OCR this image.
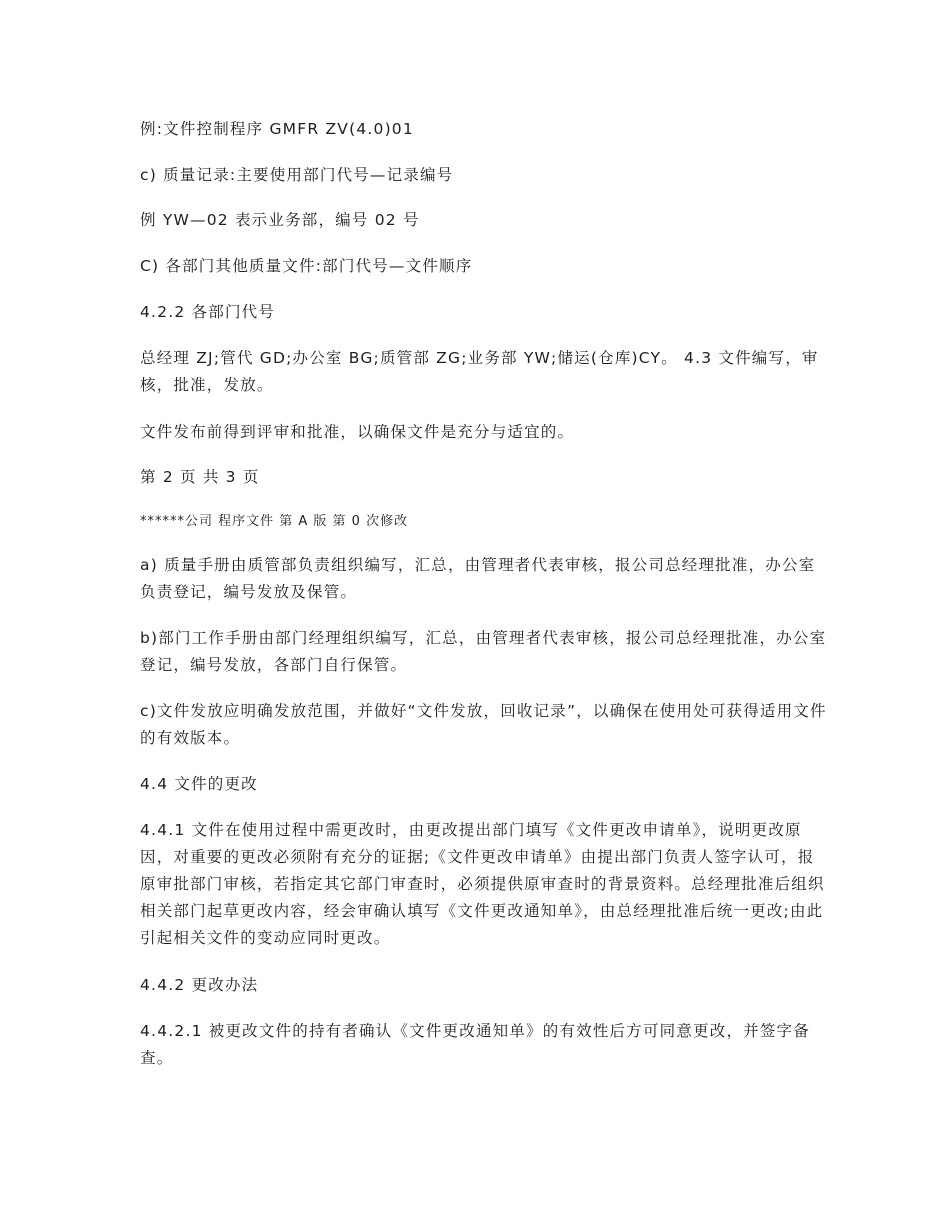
例:文件控制程序 GMFR ZV(4.0)01

c) 质量记录:主要使用部门代号—记录编号

例 YW—02 表示业务部，编号 02 号

C) 各部门其他质量文件:部门代号—文件顺序

4.2.2 各部门代号

总经理 ZJ;管代 GD;办公室 BG;质管部 ZG;业务部 YW;储运(仓库)CY。 4.3 文件编写，审核，批准，发放。

文件发布前得到评审和批准，以确保文件是充分与适宜的。

第 2 页 共 3 页

******公司 程序文件 第 A 版 第 0 次修改

a) 质量手册由质管部负责组织编写，汇总，由管理者代表审核，报公司总经理批准，办公室负责登记，编号发放及保管。

b)部门工作手册由部门经理组织编写，汇总，由管理者代表审核，报公司总经理批准，办公室登记，编号发放，各部门自行保管。

c)文件发放应明确发放范围，并做好“文件发放，回收记录”，以确保在使用处可获得适用文件的有效版本。

4.4 文件的更改

4.4.1 文件在使用过程中需更改时，由更改提出部门填写《文件更改申请单》，说明更改原因，对重要的更改必须附有充分的证据;《文件更改申请单》由提出部门负责人签字认可，报原审批部门审核，若指定其它部门审查时，必须提供原审查时的背景资料。总经理批准后组织相关部门起草更改内容，经会审确认填写《文件更改通知单》，由总经理批准后统一更改;由此引起相关文件的变动应同时更改。

4.4.2 更改办法

4.4.2.1 被更改文件的持有者确认《文件更改通知单》的有效性后方可同意更改，并签字备查。
